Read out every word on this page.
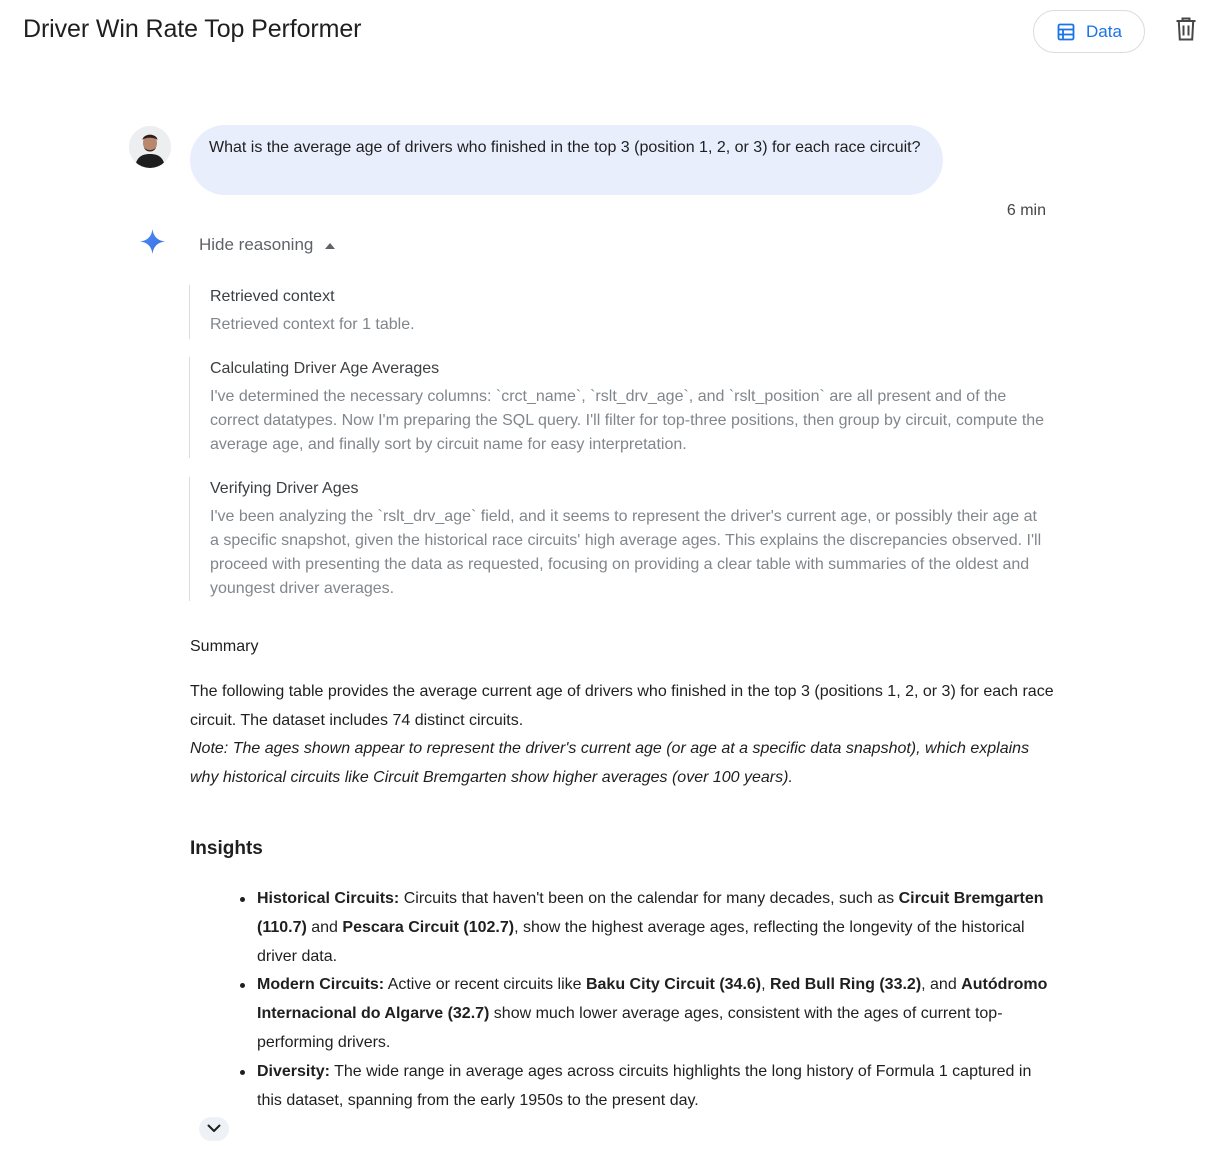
Driver Win Rate Top Performer	Data
What is the average age of drivers who finished in the top 3 (position 1, 2, or 3) for each race circuit?
6 min
Hide reasoning
Retrieved context
Retrieved context for 1 table.
Calculating Driver Age Averages
I've determined the necessary columns: `crct_name`, `rslt_drv_age`, and `rslt_position` are all present and of the correct datatypes. Now I'm preparing the SQL query. I'll filter for top-three positions, then group by circuit, compute the average age, and finally sort by circuit name for easy interpretation.
Verifying Driver Ages
I've been analyzing the `rslt_drv_age` field, and it seems to represent the driver's current age, or possibly their age at a specific snapshot, given the historical race circuits' high average ages. This explains the discrepancies observed. I'll proceed with presenting the data as requested, focusing on providing a clear table with summaries of the oldest and youngest driver averages.
Summary
The following table provides the average current age of drivers who finished in the top 3 (positions 1, 2, or 3) for each race circuit. The dataset includes 74 distinct circuits.
Note: The ages shown appear to represent the driver's current age (or age at a specific data snapshot), which explains why historical circuits like Circuit Bremgarten show higher averages (over 100 years).
Insights
Historical Circuits: Circuits that haven't been on the calendar for many decades, such as Circuit Bremgarten (110.7) and Pescara Circuit (102.7), show the highest average ages, reflecting the longevity of the historical driver data.
Modern Circuits: Active or recent circuits like Baku City Circuit (34.6), Red Bull Ring (33.2), and Autódromo Internacional do Algarve (32.7) show much lower average ages, consistent with the ages of current top-performing drivers.
Diversity: The wide range in average ages across circuits highlights the long history of Formula 1 captured in this dataset, spanning from the early 1950s to the present day.
